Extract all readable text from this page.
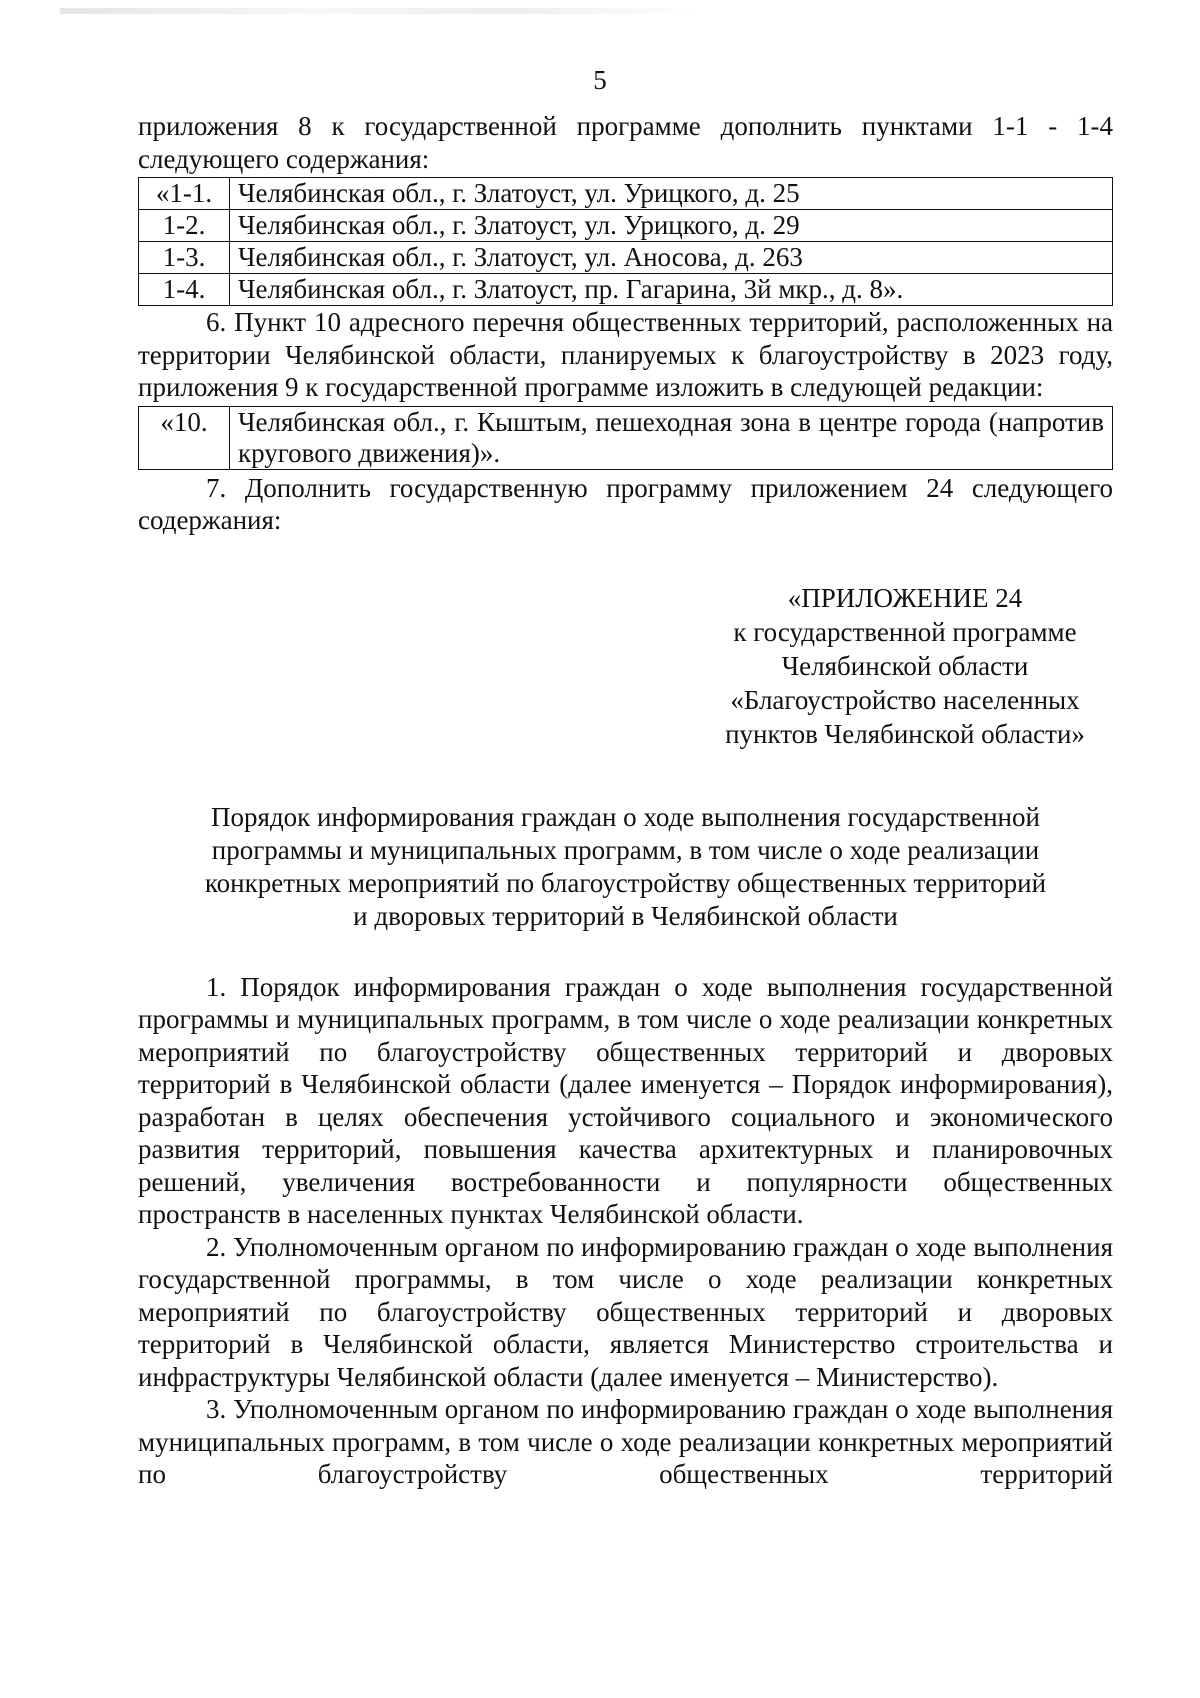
5

приложения 8 к государственной программе дополнить пунктами 1-1 - 1-4

следующего содержания:

«1-1.	Челябинская обл., г. Златоуст, ул. Урицкого, д. 25
1-2.	Челябинская обл., г. Златоуст, ул. Урицкого, д. 29
1-3.	Челябинская обл., г. Златоуст, ул. Аносова, д. 263
1-4.	Челябинская обл., г. Златоуст, пр. Гагарина, 3й мкр., д. 8».

6. Пункт 10 адресного перечня общественных территорий, расположенных на территории Челябинской области, планируемых к благоустройству в 2023 году, приложения 9 к государственной программе изложить в следующей редакции:

«10.	Челябинская обл., г. Кыштым, пешеходная зона в центре города (напротив кругового движения)».

7. Дополнить государственную программу приложением 24 следующего содержания:

«ПРИЛОЖЕНИЕ 24
к государственной программе
Челябинской области
«Благоустройство населенных
пунктов Челябинской области»
Порядок информирования граждан о ходе выполнения государственной
программы и муниципальных программ, в том числе о ходе реализации
конкретных мероприятий по благоустройству общественных территорий
и дворовых территорий в Челябинской области

1. Порядок информирования граждан о ходе выполнения государственной программы и муниципальных программ, в том числе о ходе реализации конкретных мероприятий по благоустройству общественных территорий и дворовых территорий в Челябинской области (далее именуется – Порядок информирования), разработан в целях обеспечения устойчивого социального и экономического развития территорий, повышения качества архитектурных и планировочных решений, увеличения востребованности и популярности общественных пространств в населенных пунктах Челябинской области.

2. Уполномоченным органом по информированию граждан о ходе выполнения государственной программы, в том числе о ходе реализации конкретных мероприятий по благоустройству общественных территорий и дворовых территорий в Челябинской области, является Министерство строительства и инфраструктуры Челябинской области (далее именуется – Министерство).

3. Уполномоченным органом по информированию граждан о ходе выполнения муниципальных программ, в том числе о ходе реализации конкретных мероприятий по благоустройству общественных территорий
